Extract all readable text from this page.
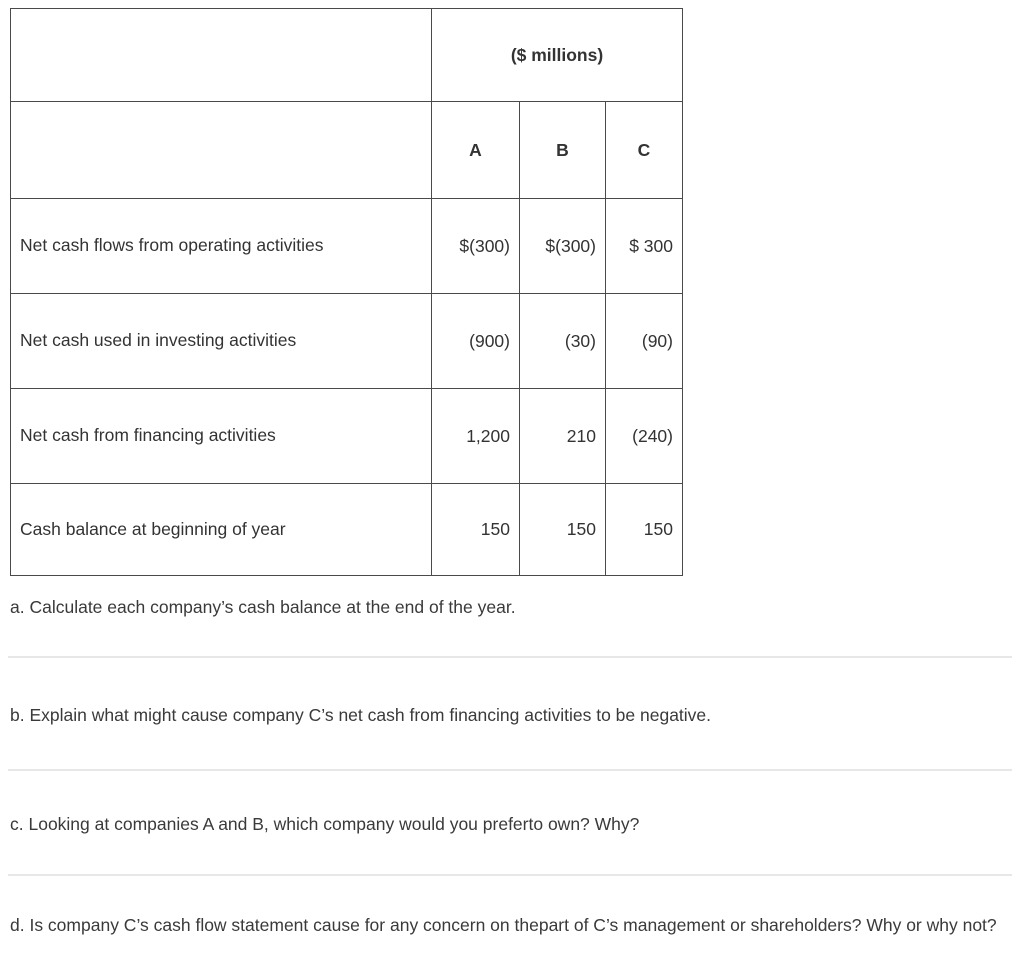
	($ millions)		
	A	B	C
Net cash flows from operating activities	$(300)	$(300)	$ 300
Net cash used in investing activities	(900)	(30)	(90)
Net cash from financing activities	1,200	210	(240)
Cash balance at beginning of year	150	150	150
a. Calculate each company’s cash balance at the end of the year.
b. Explain what might cause company C’s net cash from financing activities to be negative.
c. Looking at companies A and B, which company would you preferto own? Why?
d. Is company C’s cash flow statement cause for any concern on thepart of C’s management or shareholders? Why or why not?
